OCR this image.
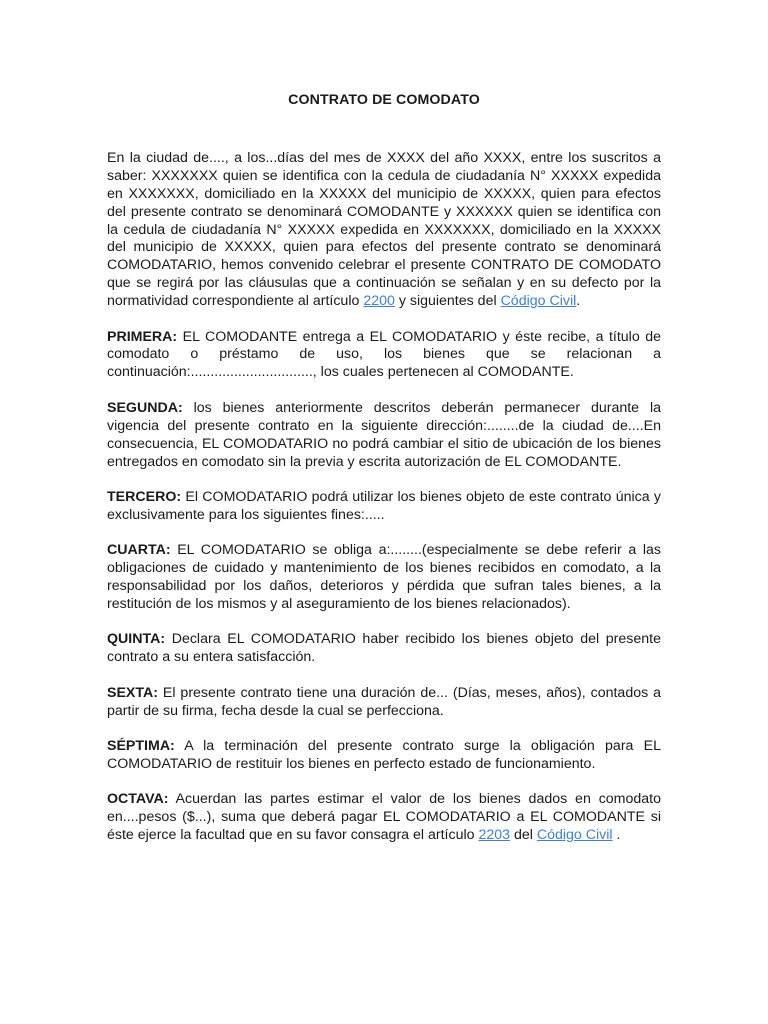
CONTRATO DE COMODATO

En la ciudad de...., a los...días del mes de XXXX del año XXXX, entre los suscritos a saber: XXXXXXX quien se identifica con la cedula de ciudadanía N° XXXXX expedida en XXXXXXX, domiciliado en la XXXXX del municipio de XXXXX, quien para efectos del presente contrato se denominará COMODANTE y XXXXXX quien se identifica con la cedula de ciudadanía N° XXXXX expedida en XXXXXXX, domiciliado en la XXXXX del municipio de XXXXX, quien para efectos del presente contrato se denominará COMODATARIO, hemos convenido celebrar el presente CONTRATO DE COMODATO que se regirá por las cláusulas que a continuación se señalan y en su defecto por la normatividad correspondiente al artículo 2200 y siguientes del Código Civil.

PRIMERA: EL COMODANTE entrega a EL COMODATARIO y éste recibe, a título de comodato o préstamo de uso, los bienes que se relacionan a continuación:..............................., los cuales pertenecen al COMODANTE.

SEGUNDA: los bienes anteriormente descritos deberán permanecer durante la vigencia del presente contrato en la siguiente dirección:........de la ciudad de....En consecuencia, EL COMODATARIO no podrá cambiar el sitio de ubicación de los bienes entregados en comodato sin la previa y escrita autorización de EL COMODANTE.

TERCERO: El COMODATARIO podrá utilizar los bienes objeto de este contrato única y exclusivamente para los siguientes fines:.....

CUARTA: EL COMODATARIO se obliga a:........(especialmente se debe referir a las obligaciones de cuidado y mantenimiento de los bienes recibidos en comodato, a la responsabilidad por los daños, deterioros y pérdida que sufran tales bienes, a la restitución de los mismos y al aseguramiento de los bienes relacionados).

QUINTA: Declara EL COMODATARIO haber recibido los bienes objeto del presente contrato a su entera satisfacción.

SEXTA: El presente contrato tiene una duración de... (Días, meses, años), contados a partir de su firma, fecha desde la cual se perfecciona.

SÉPTIMA: A la terminación del presente contrato surge la obligación para EL COMODATARIO de restituir los bienes en perfecto estado de funcionamiento.

OCTAVA: Acuerdan las partes estimar el valor de los bienes dados en comodato en....pesos ($...), suma que deberá pagar EL COMODATARIO a EL COMODANTE si éste ejerce la facultad que en su favor consagra el artículo 2203 del Código Civil .
